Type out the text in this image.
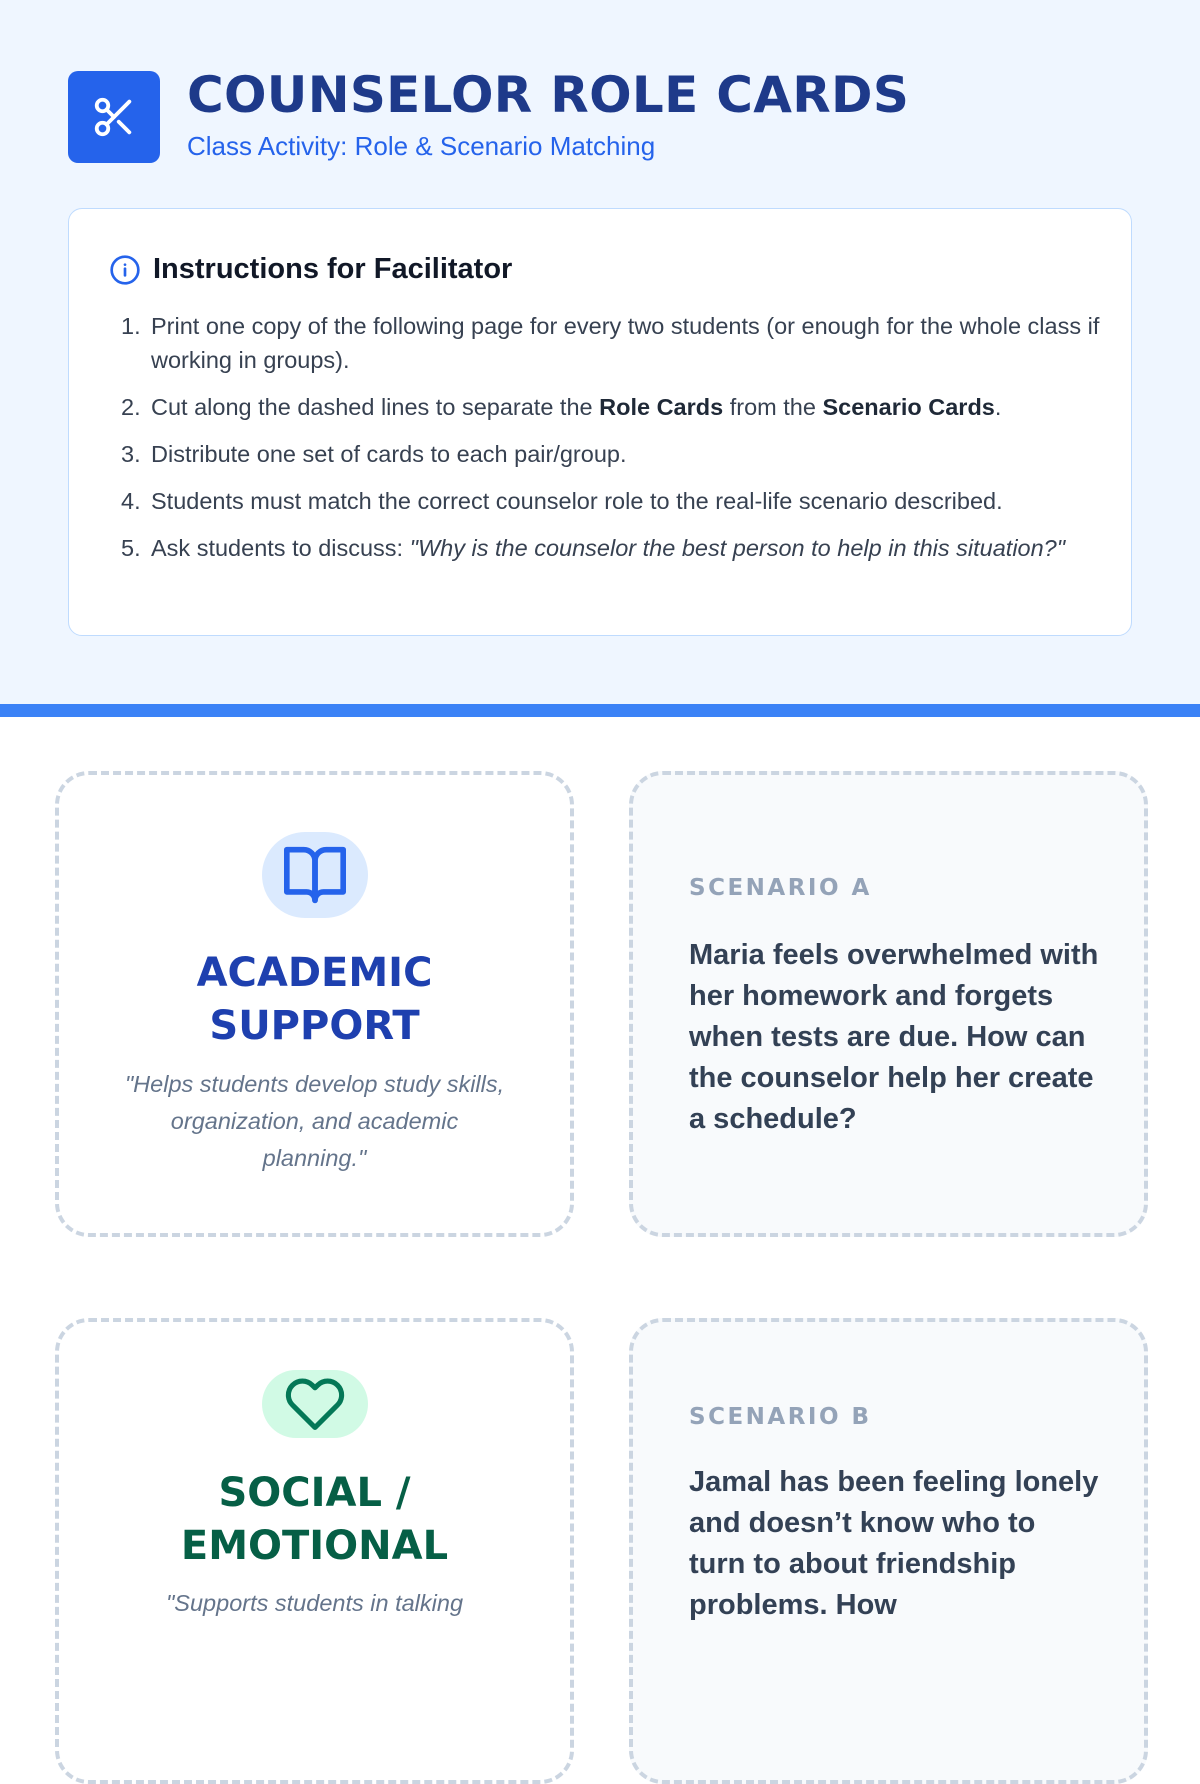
COUNSELOR ROLE CARDS
Class Activity: Role & Scenario Matching
Instructions for Facilitator
1. Print one copy of the following page for every two students (or enough for the whole class if working in groups).
2. Cut along the dashed lines to separate the Role Cards from the Scenario Cards.
3. Distribute one set of cards to each pair/group.
4. Students must match the correct counselor role to the real-life scenario described.
5. Ask students to discuss: "Why is the counselor the best person to help in this situation?"
ACADEMIC
SUPPORT
"Helps students develop study skills, organization, and academic planning."
SCENARIO A
Maria feels overwhelmed with her homework and forgets when tests are due. How can the counselor help her create a schedule?
SOCIAL /
EMOTIONAL
"Supports students in talking
SCENARIO B
Jamal has been feeling lonely and doesn’t know who to turn to about friendship problems. How
